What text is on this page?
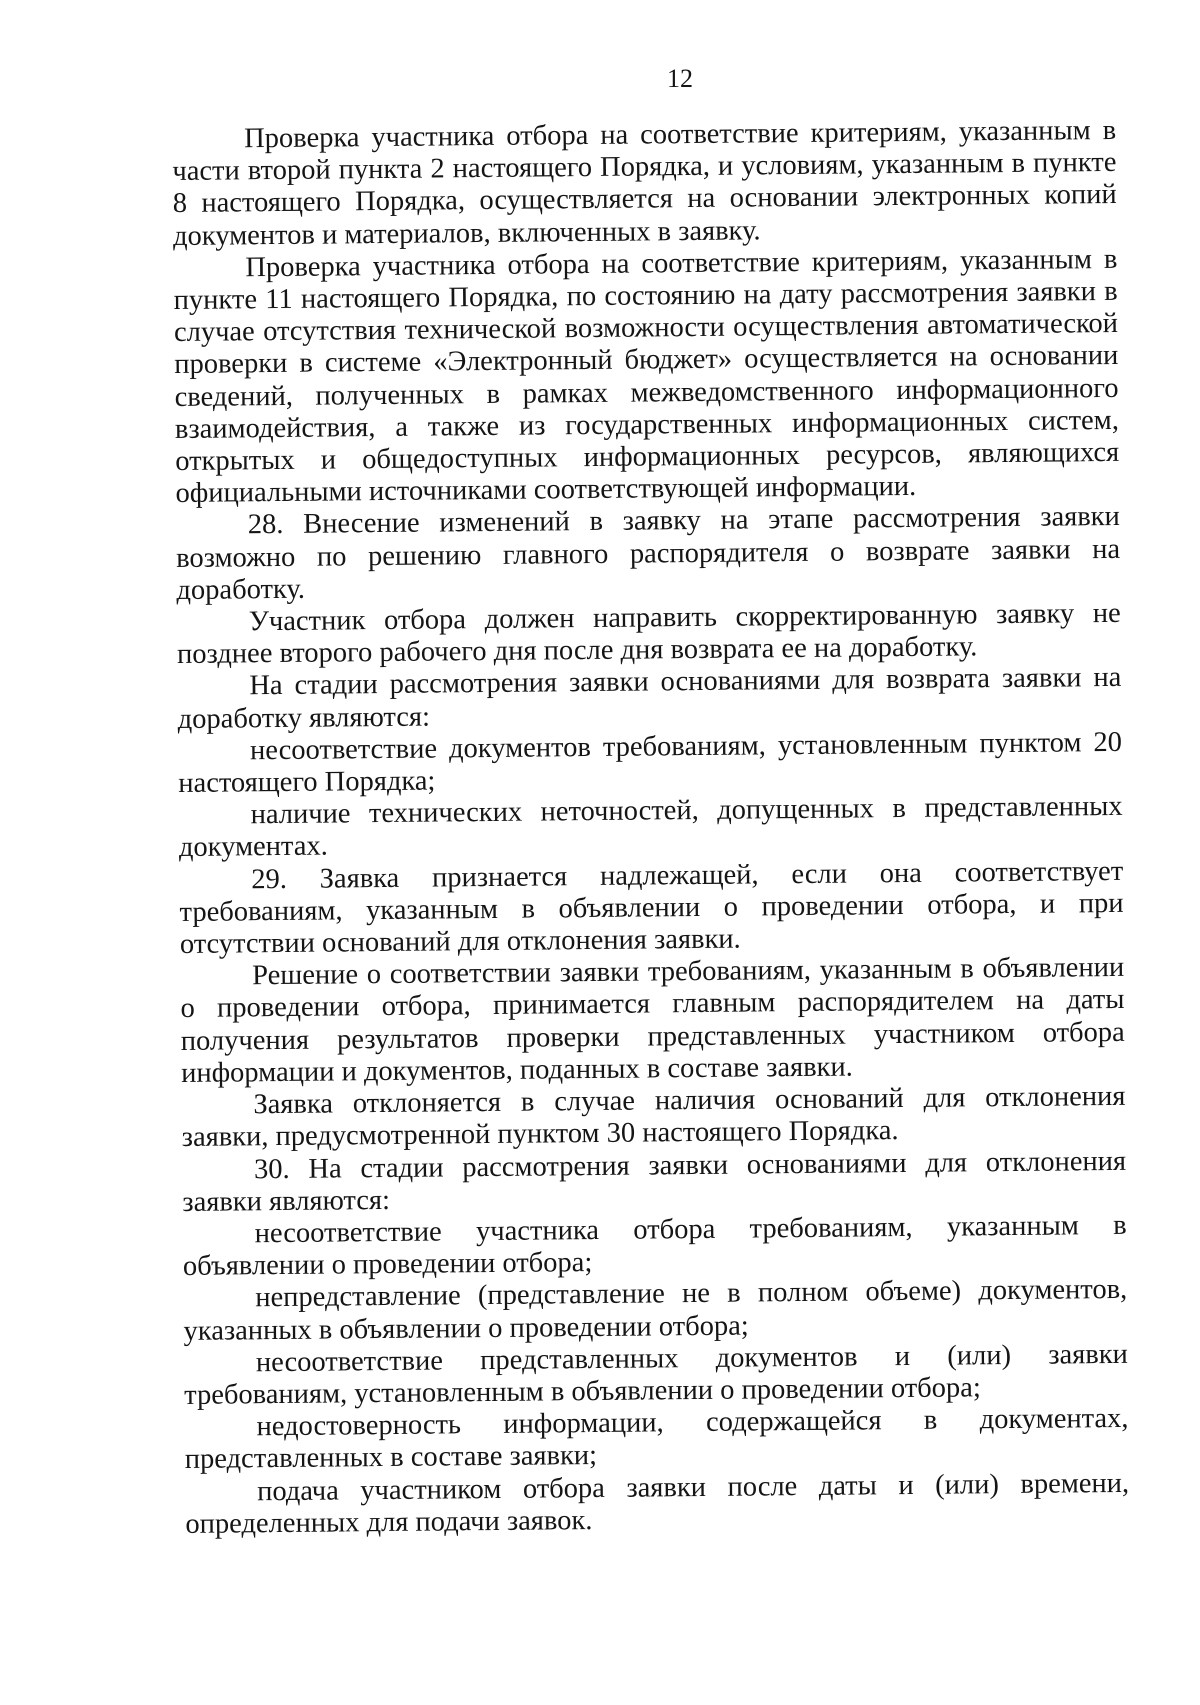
12

Проверка участника отбора на соответствие критериям, указанным в части второй пункта 2 настоящего Порядка, и условиям, указанным в пункте 8 настоящего Порядка, осуществляется на основании электронных копий документов и материалов, включенных в заявку.

Проверка участника отбора на соответствие критериям, указанным в пункте 11 настоящего Порядка, по состоянию на дату рассмотрения заявки в случае отсутствия технической возможности осуществления автоматической проверки в системе «Электронный бюджет» осуществляется на основании сведений, полученных в рамках межведомственного информационного взаимодействия, а также из государственных информационных систем, открытых и общедоступных информационных ресурсов, являющихся официальными источниками соответствующей информации.

28. Внесение изменений в заявку на этапе рассмотрения заявки возможно по решению главного распорядителя о возврате заявки на доработку.

Участник отбора должен направить скорректированную заявку не позднее второго рабочего дня после дня возврата ее на доработку.

На стадии рассмотрения заявки основаниями для возврата заявки на доработку являются:

несоответствие документов требованиям, установленным пунктом 20 настоящего Порядка;

наличие технических неточностей, допущенных в представленных документах.

29. Заявка признается надлежащей, если она соответствует требованиям, указанным в объявлении о проведении отбора, и при отсутствии оснований для отклонения заявки.

Решение о соответствии заявки требованиям, указанным в объявлении о проведении отбора, принимается главным распорядителем на даты получения результатов проверки представленных участником отбора информации и документов, поданных в составе заявки.

Заявка отклоняется в случае наличия оснований для отклонения заявки, предусмотренной пунктом 30 настоящего Порядка.

30. На стадии рассмотрения заявки основаниями для отклонения заявки являются:

несоответствие участника отбора требованиям, указанным в объявлении о проведении отбора;

непредставление (представление не в полном объеме) документов, указанных в объявлении о проведении отбора;

несоответствие представленных документов и (или) заявки требованиям, установленным в объявлении о проведении отбора;

недостоверность информации, содержащейся в документах, представленных в составе заявки;

подача участником отбора заявки после даты и (или) времени, определенных для подачи заявок.
